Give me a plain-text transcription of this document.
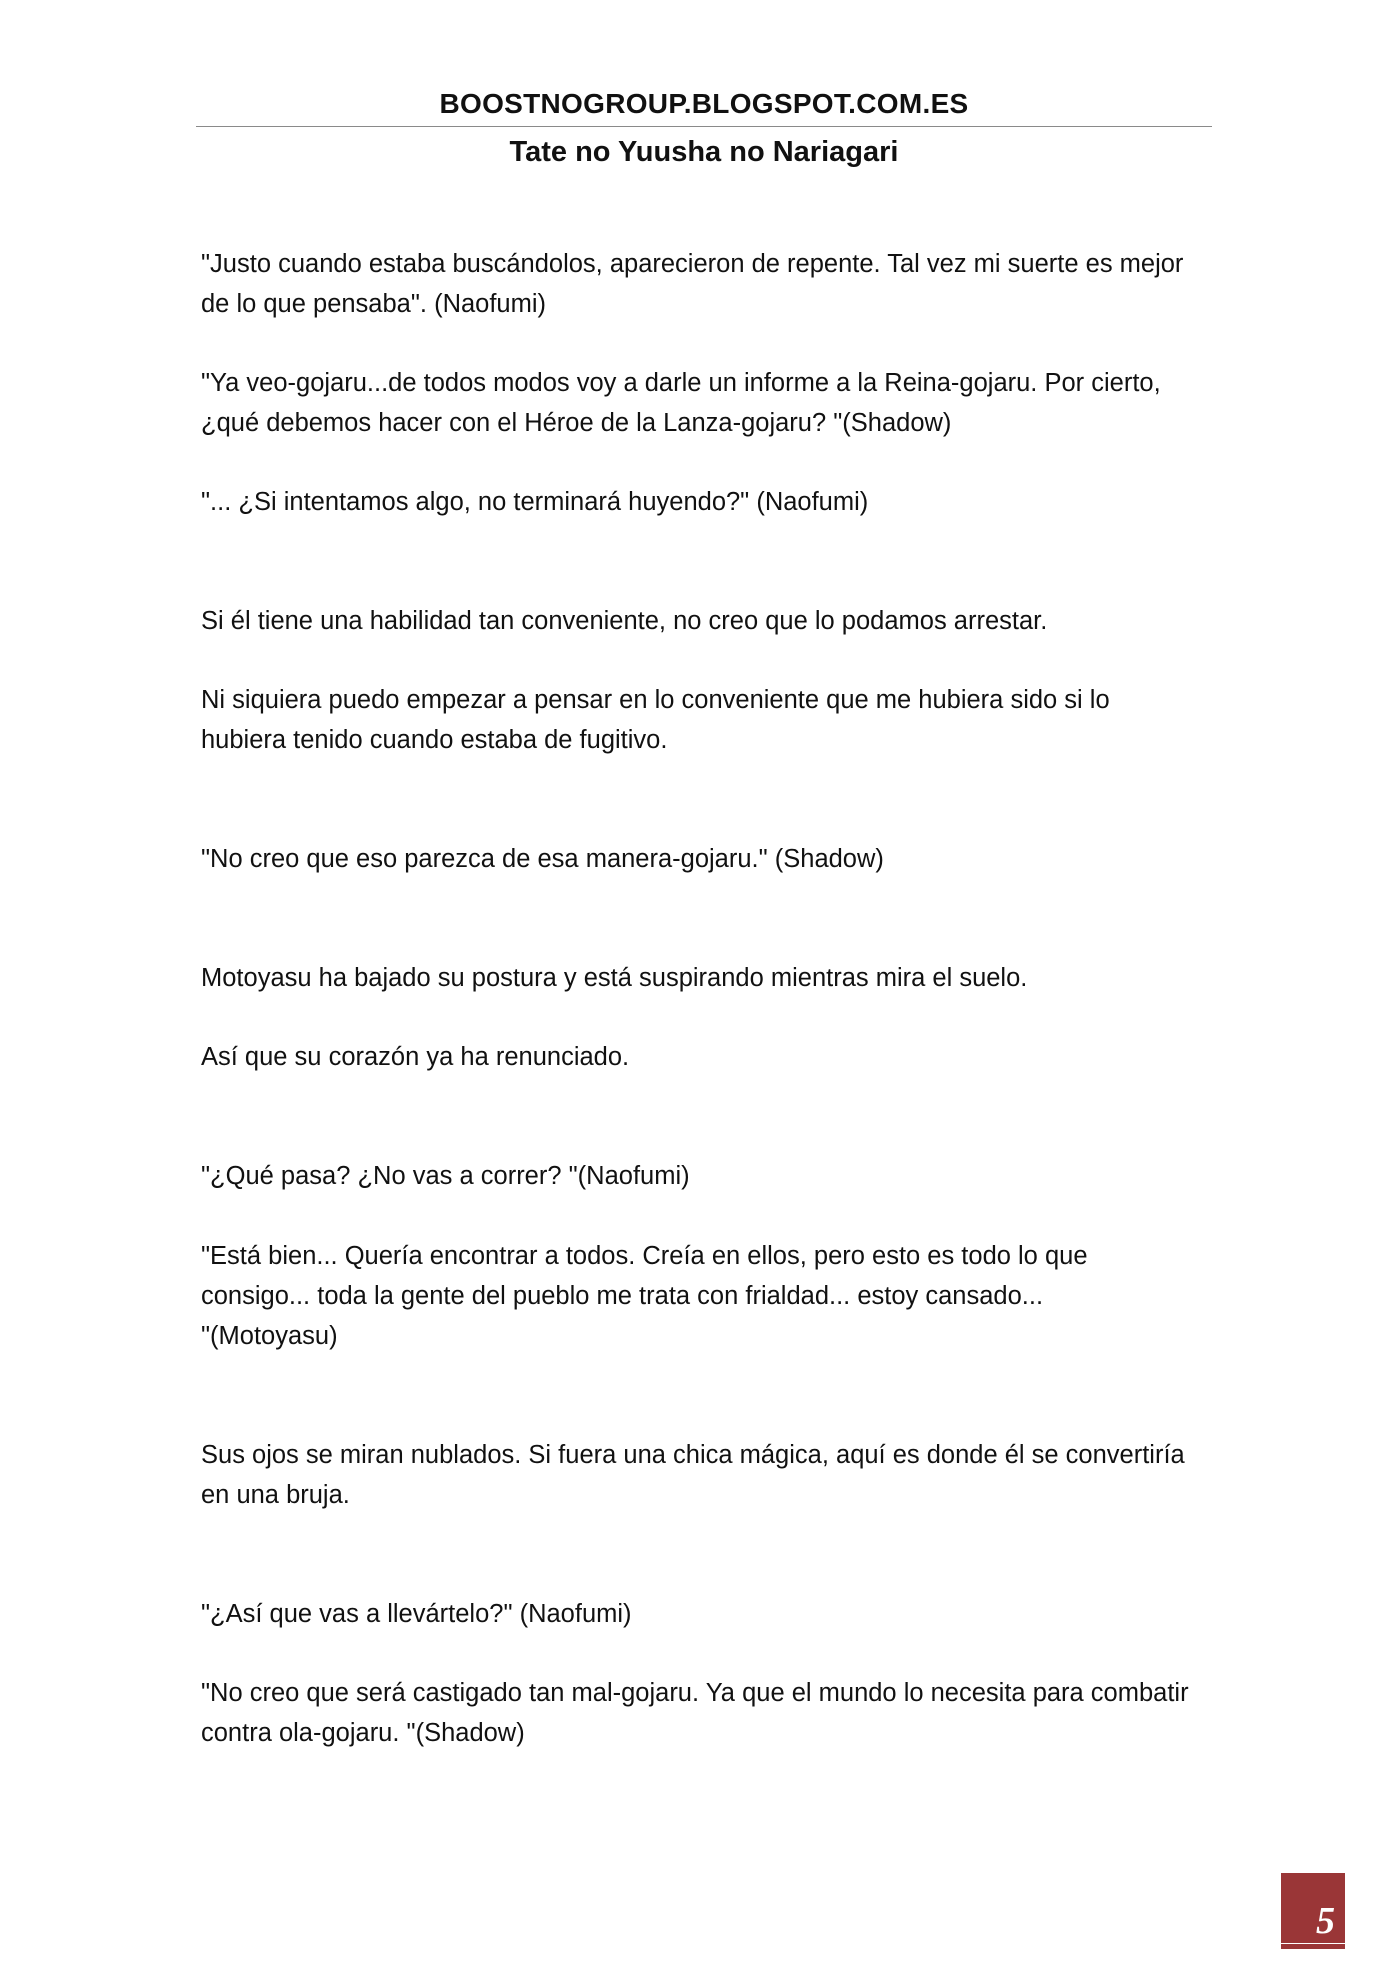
BOOSTNOGROUP.BLOGSPOT.COM.ES
Tate no Yuusha no Nariagari

"Justo cuando estaba buscándolos, aparecieron de repente. Tal vez mi suerte es mejor
de lo que pensaba". (Naofumi)

"Ya veo-gojaru...de todos modos voy a darle un informe a la Reina-gojaru. Por cierto,
¿qué debemos hacer con el Héroe de la Lanza-gojaru? "(Shadow)

"... ¿Si intentamos algo, no terminará huyendo?" (Naofumi)

Si él tiene una habilidad tan conveniente, no creo que lo podamos arrestar.

Ni siquiera puedo empezar a pensar en lo conveniente que me hubiera sido si lo
hubiera tenido cuando estaba de fugitivo.

"No creo que eso parezca de esa manera-gojaru." (Shadow)

Motoyasu ha bajado su postura y está suspirando mientras mira el suelo.

Así que su corazón ya ha renunciado.

"¿Qué pasa? ¿No vas a correr? "(Naofumi)

"Está bien... Quería encontrar a todos. Creía en ellos, pero esto es todo lo que
consigo... toda la gente del pueblo me trata con frialdad... estoy cansado...
"(Motoyasu)

Sus ojos se miran nublados. Si fuera una chica mágica, aquí es donde él se convertiría
en una bruja.

"¿Así que vas a llevártelo?" (Naofumi)

"No creo que será castigado tan mal-gojaru. Ya que el mundo lo necesita para combatir
contra ola-gojaru. "(Shadow)

5
